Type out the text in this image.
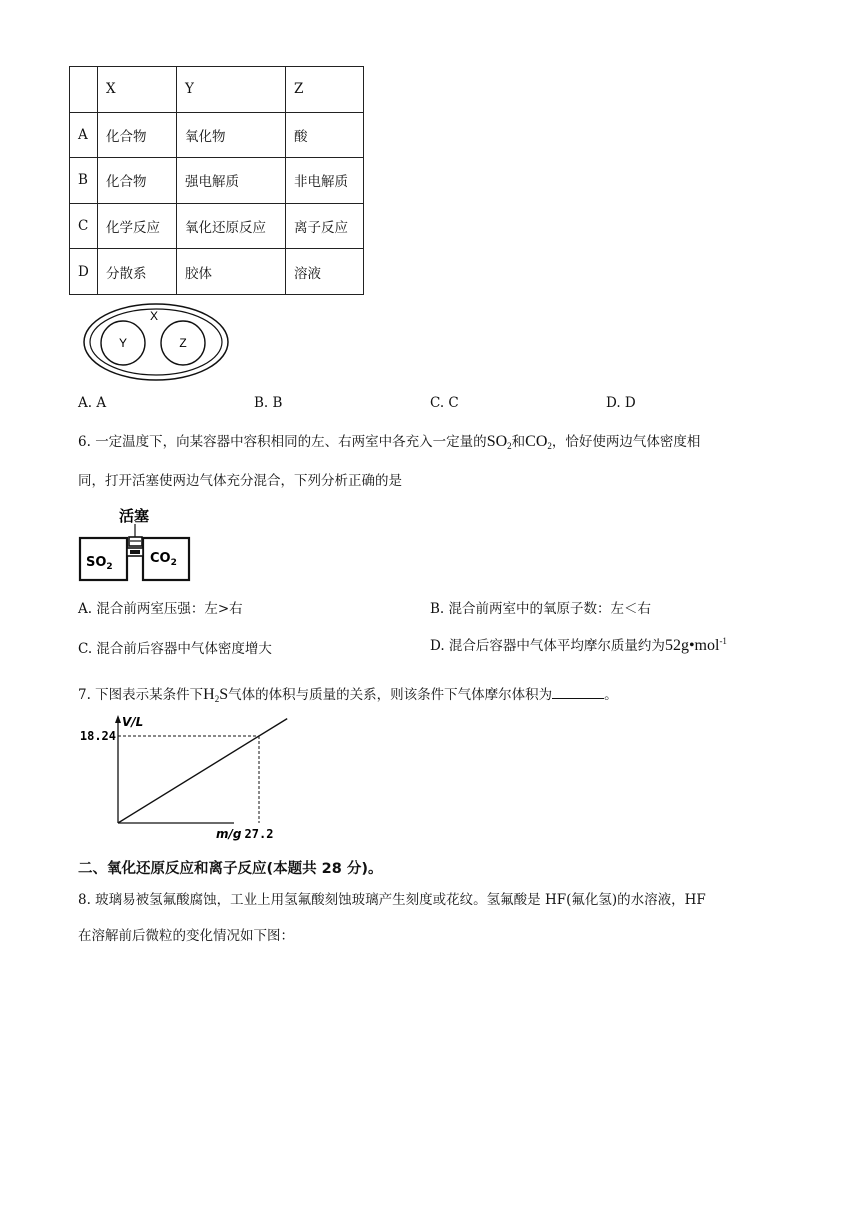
	X	Y	Z
A	化合物	氧化物	酸
B	化合物	强电解质	非电解质
C	化学反应	氧化还原反应	离子反应
D	分散系	胶体	溶液
X
Y	Z
A. A	B. B	C. C	D. D
6. 一定温度下，向某容器中容积相同的左、右两室中各充入一定量的$SO_2$和$CO_2$，恰好使两边气体密度相
同，打开活塞使两边气体充分混合，下列分析正确的是
活塞
$SO_2$
$CO_2$
A. 混合前两室压强：左>右	B. 混合前两室中的氧原子数：左＜右
C. 混合前后容器中气体密度增大	D. 混合后容器中气体平均摩尔质量约为52g•mol$^{-1}$
7. 下图表示某条件下$H_2S$气体的体积与质量的关系，则该条件下气体摩尔体积为	。
V/L
m/g
18.24
27.2
二、氧化还原反应和离子反应(本题共 28 分)。
8. 玻璃易被氢氟酸腐蚀，工业上用氢氟酸刻蚀玻璃产生刻度或花纹。氢氟酸是 HF(氟化氢)的水溶液，HF
在溶解前后微粒的变化情况如下图：
